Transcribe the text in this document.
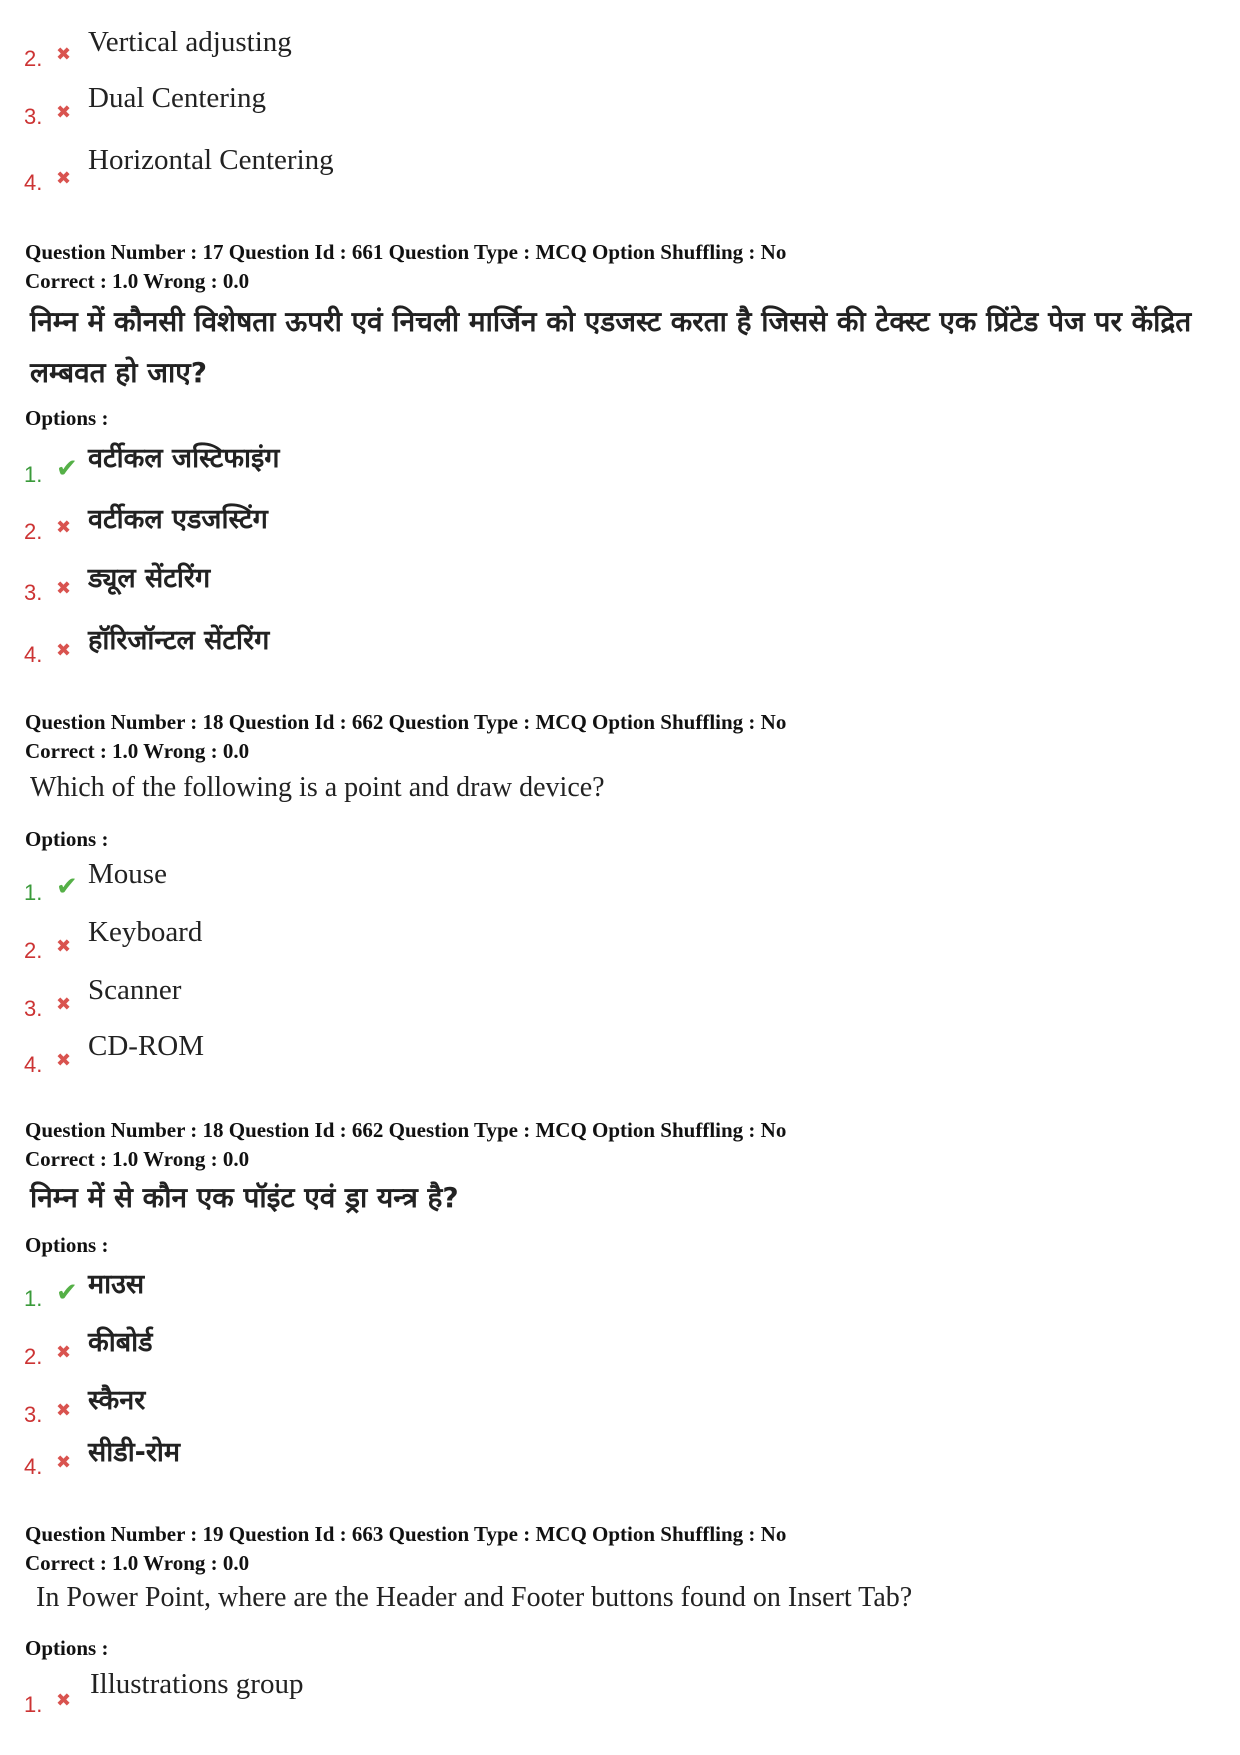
2. ✖ Vertical adjusting
3. ✖ Dual Centering
4. ✖
Horizontal Centering
Question Number : 17 Question Id : 661 Question Type : MCQ Option Shuffling : No
Correct : 1.0 Wrong : 0.0
निम्न में कौनसी विशेषता ऊपरी एवं निचली मार्जिन को एडजस्ट करता है जिससे की टेक्स्ट एक प्रिंटेड पेज पर केंद्रित लम्बवत हो जाए?
Options :
1. ✔ वर्टीकल जस्टिफाइंग
2. ✖ वर्टीकल एडजस्टिंग
3. ✖ ड्यूल सेंटरिंग
4. ✖ हॉरिजॉन्टल सेंटरिंग
Question Number : 18 Question Id : 662 Question Type : MCQ Option Shuffling : No
Correct : 1.0 Wrong : 0.0
Which of the following is a point and draw device?
Options :
1. ✔ Mouse
2. ✖ Keyboard
3. ✖ Scanner
4. ✖ CD-ROM
Question Number : 18 Question Id : 662 Question Type : MCQ Option Shuffling : No
Correct : 1.0 Wrong : 0.0
निम्न में से कौन एक पॉइंट एवं ड्रा यन्त्र है?
Options :
1. ✔ माउस
2. ✖ कीबोर्ड
3. ✖ स्कैनर
4. ✖ सीडी-रोम
Question Number : 19 Question Id : 663 Question Type : MCQ Option Shuffling : No
Correct : 1.0 Wrong : 0.0
In Power Point, where are the Header and Footer buttons found on Insert Tab?
Options :
1. ✖
Illustrations group
